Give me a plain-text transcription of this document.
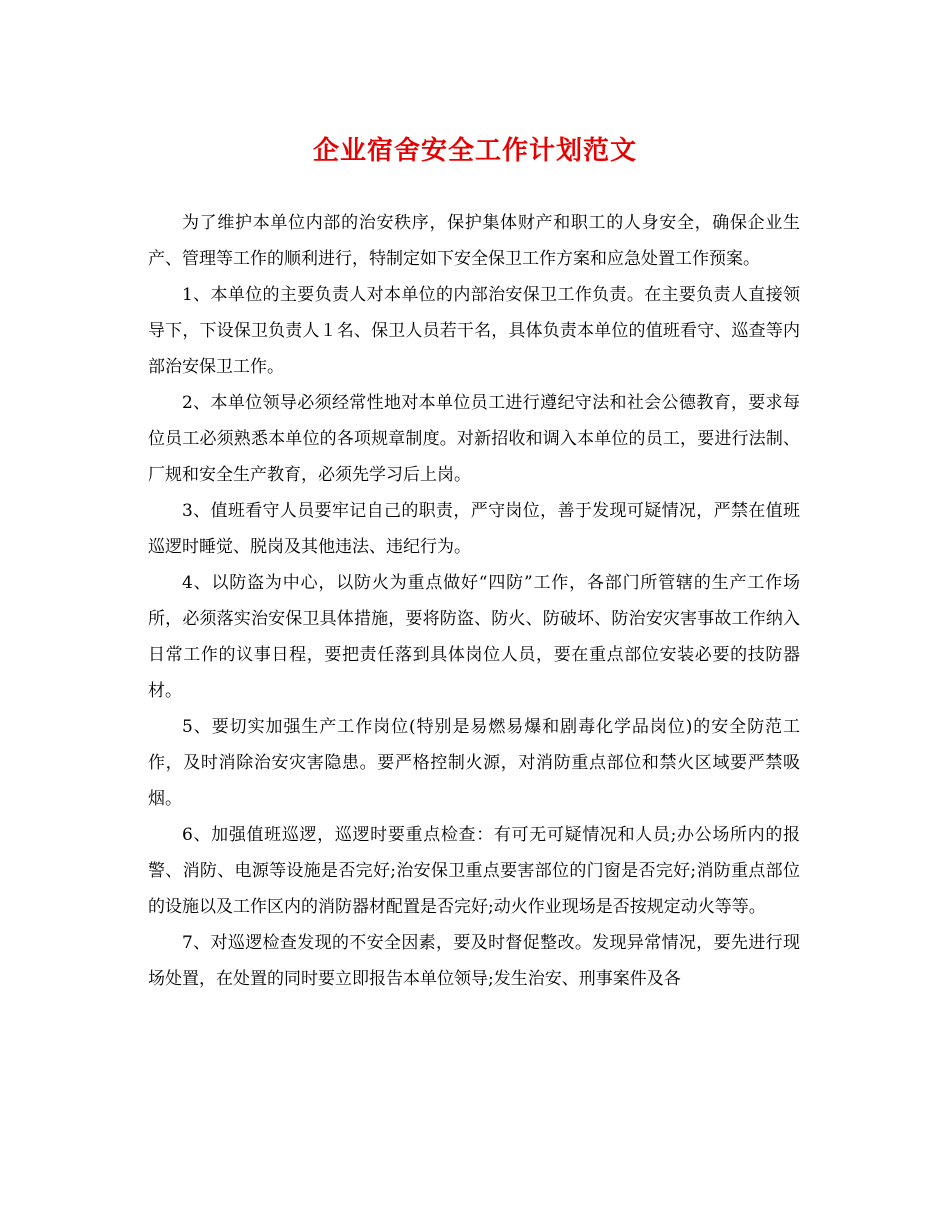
企业宿舍安全工作计划范文

为了维护本单位内部的治安秩序，保护集体财产和职工的人身安全，确保企业生产、管理等工作的顺利进行，特制定如下安全保卫工作方案和应急处置工作预案。

1、本单位的主要负责人对本单位的内部治安保卫工作负责。在主要负责人直接领导下，下设保卫负责人１名、保卫人员若干名，具体负责本单位的值班看守、巡查等内部治安保卫工作。

2、本单位领导必须经常性地对本单位员工进行遵纪守法和社会公德教育，要求每位员工必须熟悉本单位的各项规章制度。对新招收和调入本单位的员工，要进行法制、厂规和安全生产教育，必须先学习后上岗。

3、值班看守人员要牢记自己的职责，严守岗位，善于发现可疑情况，严禁在值班巡逻时睡觉、脱岗及其他违法、违纪行为。

4、以防盗为中心，以防火为重点做好“四防”工作，各部门所管辖的生产工作场所，必须落实治安保卫具体措施，要将防盗、防火、防破坏、防治安灾害事故工作纳入日常工作的议事日程，要把责任落到具体岗位人员，要在重点部位安装必要的技防器材。

5、要切实加强生产工作岗位(特别是易燃易爆和剧毒化学品岗位)的安全防范工作，及时消除治安灾害隐患。要严格控制火源，对消防重点部位和禁火区域要严禁吸烟。

6、加强值班巡逻，巡逻时要重点检查：有可无可疑情况和人员;办公场所内的报警、消防、电源等设施是否完好;治安保卫重点要害部位的门窗是否完好;消防重点部位的设施以及工作区内的消防器材配置是否完好;动火作业现场是否按规定动火等等。

7、对巡逻检查发现的不安全因素，要及时督促整改。发现异常情况，要先进行现场处置，在处置的同时要立即报告本单位领导;发生治安、刑事案件及各
